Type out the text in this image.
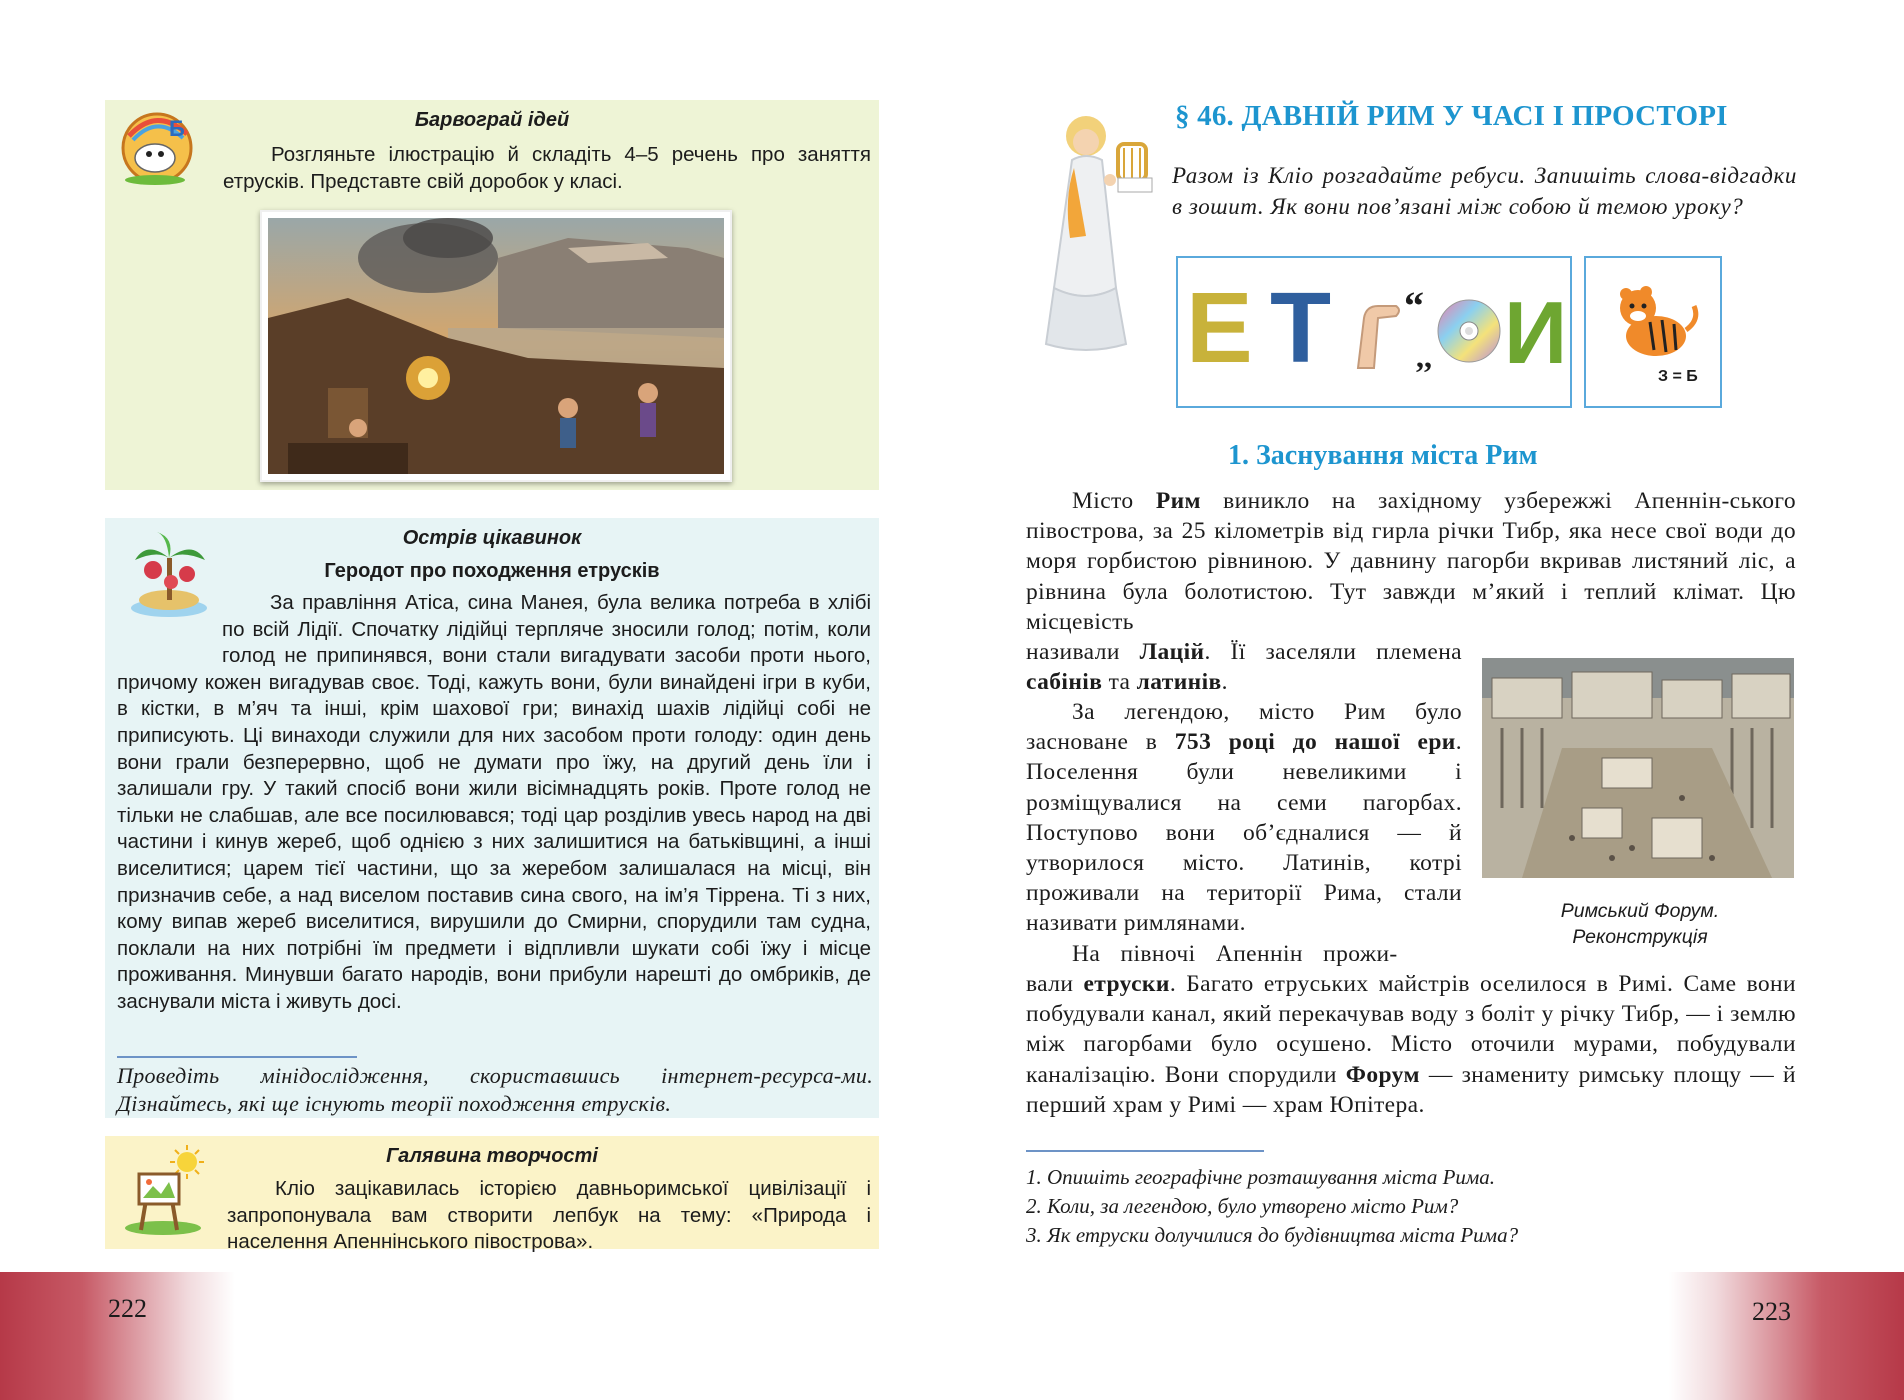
Б	Барвограй ідей
Розгляньте ілюстрацію й складіть 4–5 речень про заняття етрусків. Представте свій доробок у класі.
Острів цікавинок
Геродот про походження етрусків
За правління Атіса, сина Манея, була велика потреба в хлібі по всій Лідії. Спочатку лідійці терпляче зносили голод; потім, коли голод не припинявся, вони стали вигадувати засоби проти нього, причому кожен вигадував своє. Тоді, кажуть вони, були винайдені ігри в куби, в кістки, в м’яч та інші, крім шахової гри; винахід шахів лідійці собі не приписують. Ці винаходи служили для них засобом проти голоду: один день вони грали безперервно, щоб не думати про їжу, на другий день їли і залишали гру. У такий спосіб вони жили вісімнадцять років. Проте голод не тільки не слабшав, але все посилювався; тоді цар розділив увесь народ на дві частини і кинув жереб, щоб однією з них залишитися на батьківщині, а інші виселитися; царем тієї частини, що за жеребом залишалася на місці, він призначив себе, а над виселом поставив сина свого, на ім’я Тіррена. Ті з них, кому випав жереб виселитися, вирушили до Смирни, спорудили там судна, поклали на них потрібні їм предмети і відпливли шукати собі їжу і місце проживання. Минувши багато народів, вони прибули нарешті до омбриків, де заснували міста і живуть досі.
Проведіть мінідослідження, скориставшись інтернет-ресурса-ми. Дізнайтесь, які ще існують теорії походження етрусків.
Галявина творчості
Кліо зацікавилась історією давньоримської цивілізації і запропонувала вам створити лепбук на тему: «Природа і населення Апеннінського півострова».
§ 46. ДАВНІЙ РИМ У ЧАСІ І ПРОСТОРІ
Разом із Кліо розгадайте ребуси. Запишіть слова-відгадки в зошит. Як вони пов’язані між собою й темою уроку?
Е Т “
,, И	З = Б
1. Заснування міста Рим
Місто Рим виникло на західному узбережжі Апеннін-ського півострова, за 25 кілометрів від гирла річки Тибр, яка несе свої води до моря горбистою рівниною. У давнину пагорби вкривав листяний ліс, а рівнина була болотистою. Тут завжди м’який і теплий клімат. Цю місцевість
називали Лацій. Її заселяли племена сабінів та латинів.
За легендою, місто Рим було засноване в 753 році до нашої ери. Поселення були невеликими і розміщувалися на семи пагорбах. Поступово вони об’єдналися — й утворилося місто. Латинів, котрі проживали на території Рима, стали називати римлянами.
На півночі Апеннін прожи-
Римський Форум.
Реконструкція
вали етруски. Багато етруських майстрів оселилося в Римі. Саме вони побудували канал, який перекачував воду з боліт у річку Тибр, — і землю між пагорбами було осушено. Місто оточили мурами, побудували каналізацію. Вони спорудили Форум — знамениту римську площу — й перший храм у Римі — храм Юпітера.
1. Опишіть географічне розташування міста Рима.
2. Коли, за легендою, було утворено місто Рим?
3. Як етруски долучилися до будівництва міста Рима?
222	223
